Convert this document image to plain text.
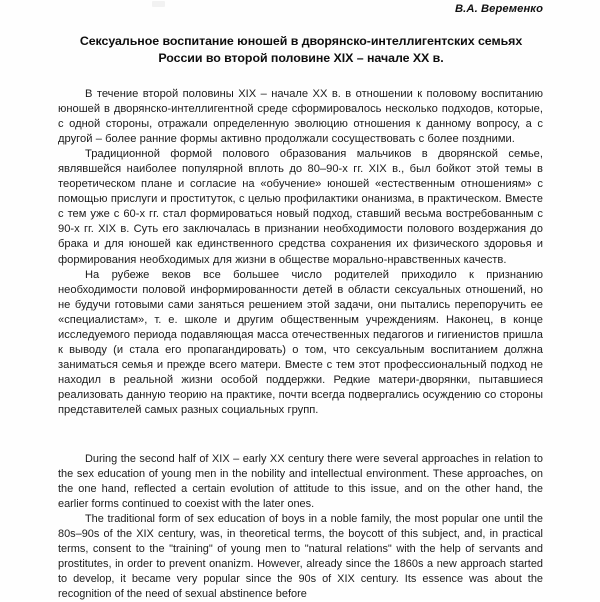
В.А. Веременко
Сексуальное воспитание юношей в дворянско-интеллигентских семьях России во второй половине XIX – начале XX в.

В течение второй половины XIX – начале XX в. в отношении к половому воспитанию юношей в дворянско-интеллигентной среде сформировалось несколько подходов, которые, с одной стороны, отражали определенную эволюцию отношения к данному вопросу, а с другой – более ранние формы активно продолжали сосуществовать с более поздними.

Традиционной формой полового образования мальчиков в дворянской семье, являвшейся наиболее популярной вплоть до 80–90-х гг. XIX в., был бойкот этой темы в теоретическом плане и согласие на «обучение» юношей «естественным отношениям» с помощью прислуги и проституток, с целью профилактики онанизма, в практическом. Вместе с тем уже с 60-х гг. стал формироваться новый подход, ставший весьма востребованным с 90-х гг. XIX в. Суть его заключалась в признании необходимости полового воздержания до брака и для юношей как единственного средства сохранения их физического здоровья и формирования необходимых для жизни в обществе морально-нравственных качеств.

На рубеже веков все большее число родителей приходило к признанию необходимости половой информированности детей в области сексуальных отношений, но не будучи готовыми сами заняться решением этой задачи, они пытались перепоручить ее «специалистам», т. е. школе и другим общественным учреждениям. Наконец, в конце исследуемого периода подавляющая масса отечественных педагогов и гигиенистов пришла к выводу (и стала его пропагандировать) о том, что сексуальным воспитанием должна заниматься семья и прежде всего матери. Вместе с тем этот профессиональный подход не находил в реальной жизни особой поддержки. Редкие матери-дворянки, пытавшиеся реализовать данную теорию на практике, почти всегда подвергались осуждению со стороны представителей самых разных социальных групп.

During the second half of XIX – early XX century there were several approaches in relation to the sex education of young men in the nobility and intellectual environment. These approaches, on the one hand, reflected a certain evolution of attitude to this issue, and on the other hand, the earlier forms continued to coexist with the later ones.

The traditional form of sex education of boys in a noble family, the most popular one until the 80s–90s of the XIX century, was, in theoretical terms, the boycott of this subject, and, in practical terms, consent to the "training" of young men to "natural relations" with the help of servants and prostitutes, in order to prevent onanizm. However, already since the 1860s a new approach started to develop, it became very popular since the 90s of XIX century. Its essence was about the recognition of the need of sexual abstinence before
